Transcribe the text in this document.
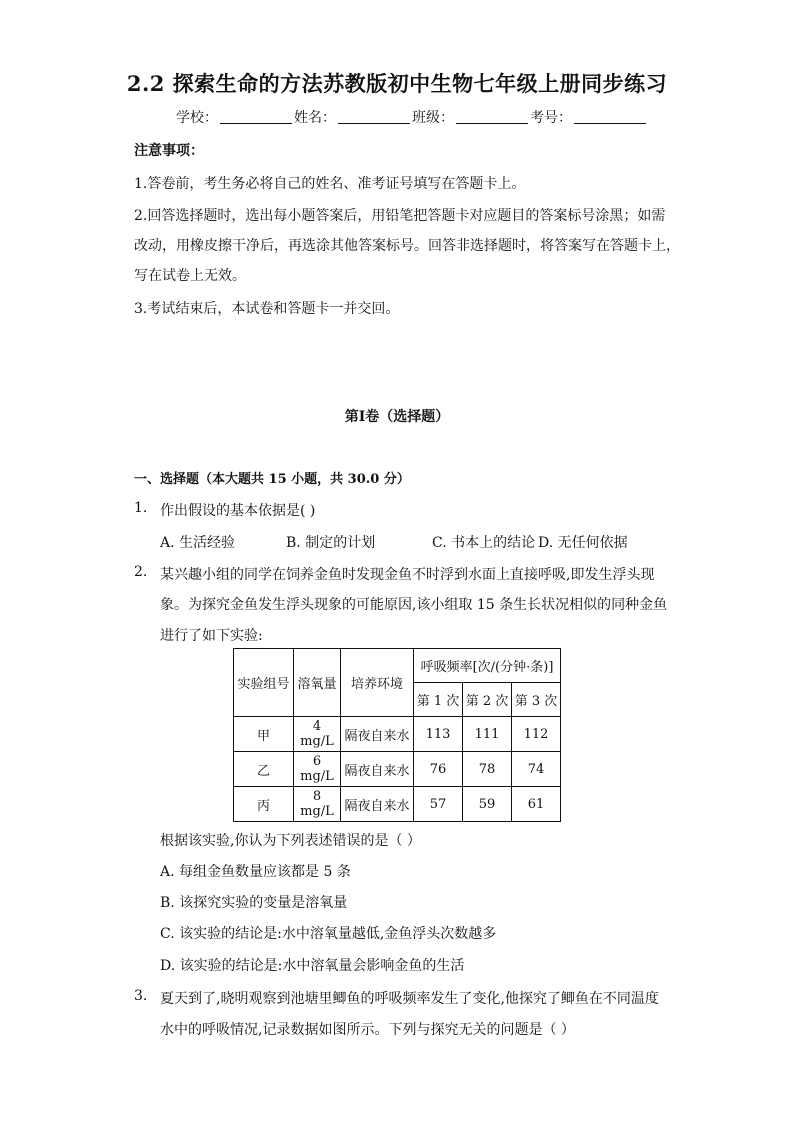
2.2 探索生命的方法苏教版初中生物七年级上册同步练习
学校：	姓名：	班级：	考号：
注意事项：
1.答卷前，考生务必将自己的姓名、准考证号填写在答题卡上。
2.回答选择题时，选出每小题答案后，用铅笔把答题卡对应题目的答案标号涂黑；如需
改动，用橡皮擦干净后，再选涂其他答案标号。回答非选择题时，将答案写在答题卡上，
写在试卷上无效。
3.考试结束后，本试卷和答题卡一并交回。
第I卷（选择题）
一、选择题（本大题共 15 小题，共 30.0 分）
1. 作出假设的基本依据是( )
A. 生活经验	B. 制定的计划	C. 书本上的结论 D. 无任何依据
2. 某兴趣小组的同学在饲养金鱼时发现金鱼不时浮到水面上直接呼吸,即发生浮头现
象。为探究金鱼发生浮头现象的可能原因,该小组取 15 条生长状况相似的同种金鱼
进行了如下实验:
实验组号	溶氧量	培养环境	呼吸频率[次/(分钟·条)]		
			第 1 次	第 2 次	第 3 次
甲	4 mg/L	隔夜自来水	113	111	112
乙	6 mg/L	隔夜自来水	76	78	74
丙	8 mg/L	隔夜自来水	57	59	61
根据该实验,你认为下列表述错误的是（ ）
A. 每组金鱼数量应该都是 5 条
B. 该探究实验的变量是溶氧量
C. 该实验的结论是:水中溶氧量越低,金鱼浮头次数越多
D. 该实验的结论是:水中溶氧量会影响金鱼的生活
3. 夏天到了,晓明观察到池塘里鲫鱼的呼吸频率发生了变化,他探究了鲫鱼在不同温度
水中的呼吸情况,记录数据如图所示。下列与探究无关的问题是（ ）
